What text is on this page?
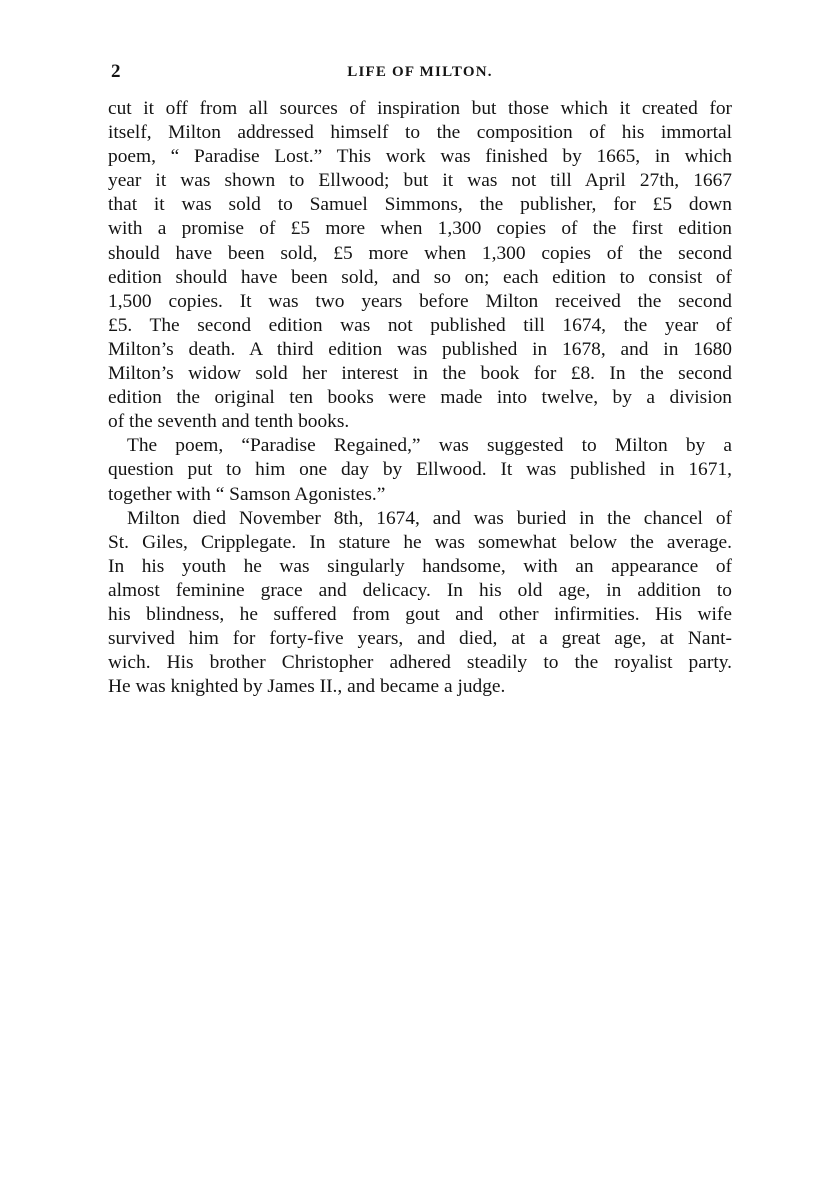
2	LIFE OF MILTON.

cut it off from all sources of inspiration but those which it created for
itself, Milton addressed himself to the composition of his immortal
poem, “ Paradise Lost.” This work was finished by 1665, in which
year it was shown to Ellwood; but it was not till April 27th, 1667
that it was sold to Samuel Simmons, the publisher, for £5 down
with a promise of £5 more when 1,300 copies of the first edition
should have been sold, £5 more when 1,300 copies of the second
edition should have been sold, and so on; each edition to consist of
1,500 copies. It was two years before Milton received the second
£5. The second edition was not published till 1674, the year of
Milton’s death. A third edition was published in 1678, and in 1680
Milton’s widow sold her interest in the book for £8. In the second
edition the original ten books were made into twelve, by a division
of the seventh and tenth books.

The poem, “Paradise Regained,” was suggested to Milton by a
question put to him one day by Ellwood. It was published in 1671,
together with “ Samson Agonistes.”

Milton died November 8th, 1674, and was buried in the chancel of
St. Giles, Cripplegate. In stature he was somewhat below the average.
In his youth he was singularly handsome, with an appearance of
almost feminine grace and delicacy. In his old age, in addition to
his blindness, he suffered from gout and other infirmities. His wife
survived him for forty-five years, and died, at a great age, at Nant-
wich. His brother Christopher adhered steadily to the royalist party.
He was knighted by James II., and became a judge.
